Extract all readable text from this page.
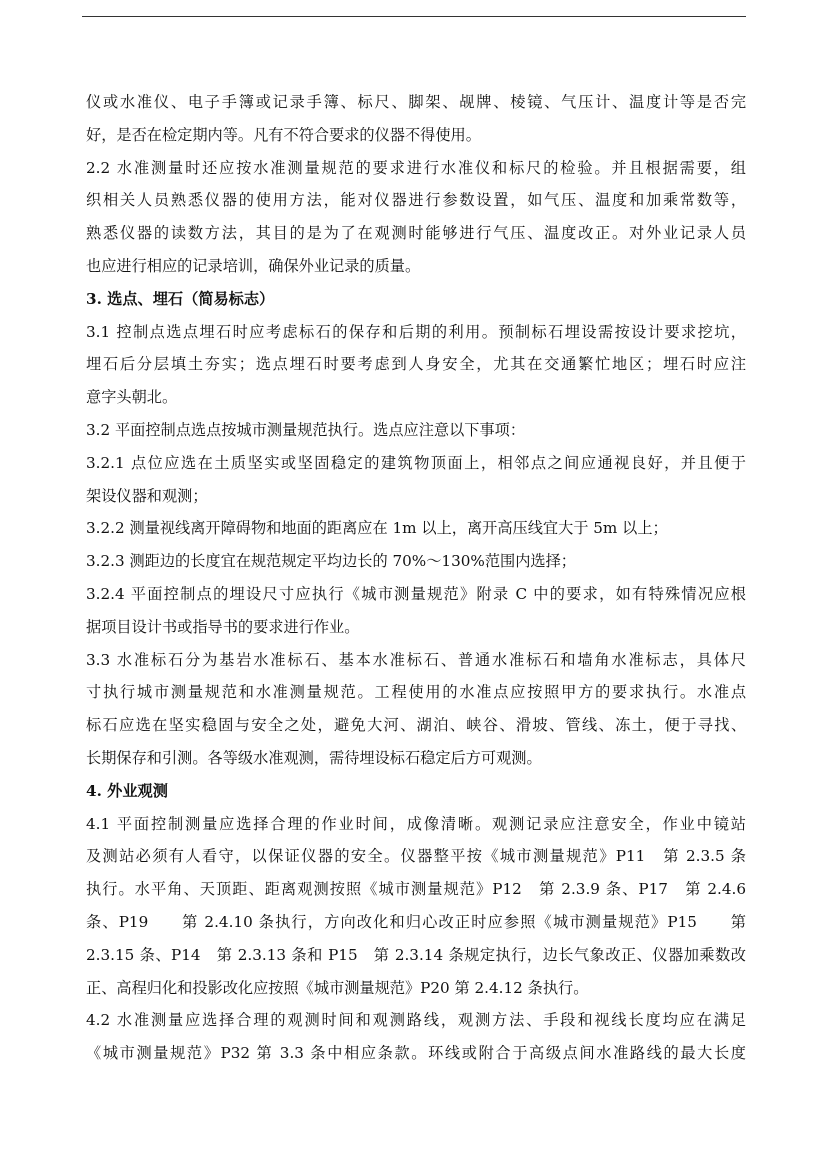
仪或水准仪、电子手簿或记录手簿、标尺、脚架、觇牌、棱镜、气压计、温度计等是否完
好，是否在检定期内等。凡有不符合要求的仪器不得使用。
2.2 水准测量时还应按水准测量规范的要求进行水准仪和标尺的检验。并且根据需要，组
织相关人员熟悉仪器的使用方法，能对仪器进行参数设置，如气压、温度和加乘常数等，
熟悉仪器的读数方法，其目的是为了在观测时能够进行气压、温度改正。对外业记录人员
也应进行相应的记录培训，确保外业记录的质量。
3. 选点、埋石（简易标志）
3.1 控制点选点埋石时应考虑标石的保存和后期的利用。预制标石埋设需按设计要求挖坑，
埋石后分层填土夯实；选点埋石时要考虑到人身安全，尤其在交通繁忙地区；埋石时应注
意字头朝北。
3.2 平面控制点选点按城市测量规范执行。选点应注意以下事项：
3.2.1 点位应选在土质坚实或坚固稳定的建筑物顶面上，相邻点之间应通视良好，并且便于
架设仪器和观测；
3.2.2 测量视线离开障碍物和地面的距离应在 1m 以上，离开高压线宜大于 5m 以上；
3.2.3 测距边的长度宜在规范规定平均边长的 70%～130%范围内选择；
3.2.4 平面控制点的埋设尺寸应执行《城市测量规范》附录 C 中的要求，如有特殊情况应根
据项目设计书或指导书的要求进行作业。
3.3 水准标石分为基岩水准标石、基本水准标石、普通水准标石和墙角水准标志，具体尺
寸执行城市测量规范和水准测量规范。工程使用的水准点应按照甲方的要求执行。水准点
标石应选在坚实稳固与安全之处，避免大河、湖泊、峡谷、滑坡、管线、冻土，便于寻找、
长期保存和引测。各等级水准观测，需待埋设标石稳定后方可观测。
4. 外业观测
4.1 平面控制测量应选择合理的作业时间，成像清晰。观测记录应注意安全，作业中镜站
及测站必须有人看守，以保证仪器的安全。仪器整平按《城市测量规范》P11　第 2.3.5 条
执行。水平角、天顶距、距离观测按照《城市测量规范》P12　第 2.3.9 条、P17　第 2.4.6
条、P19　　第 2.4.10 条执行，方向改化和归心改正时应参照《城市测量规范》P15　　第
2.3.15 条、P14　第 2.3.13 条和 P15　第 2.3.14 条规定执行，边长气象改正、仪器加乘数改
正、高程归化和投影改化应按照《城市测量规范》P20 第 2.4.12 条执行。
4.2 水准测量应选择合理的观测时间和观测路线，观测方法、手段和视线长度均应在满足
《城市测量规范》P32 第 3.3 条中相应条款。环线或附合于高级点间水准路线的最大长度
